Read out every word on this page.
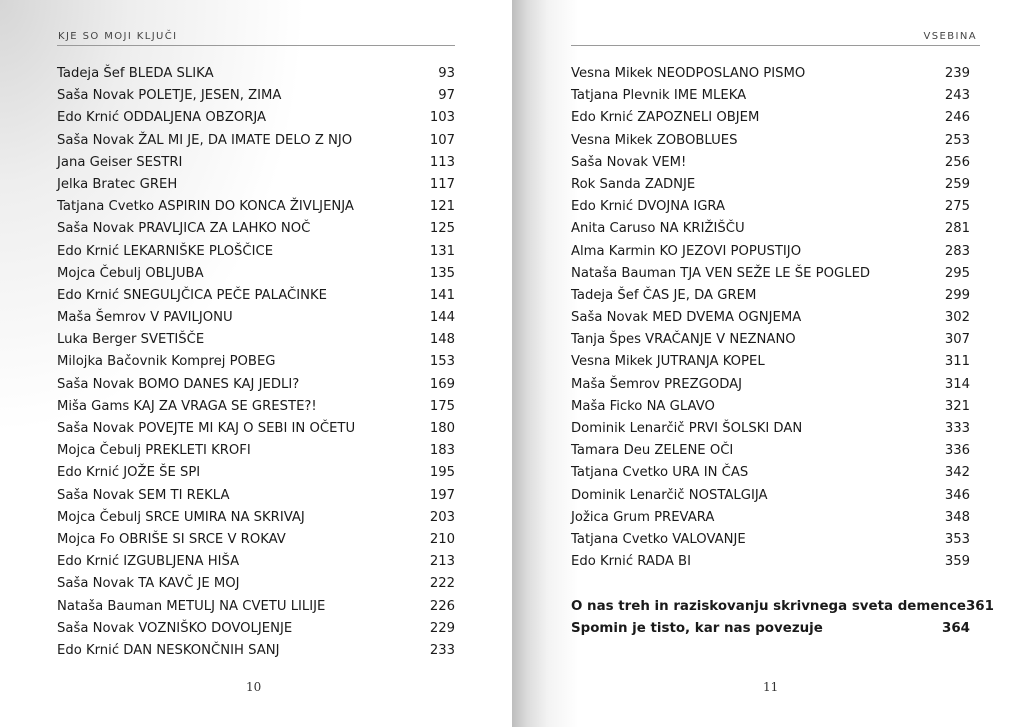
KJE SO MOJI KLJUČI
Tadeja Šef BLEDA SLIKA	93
Saša Novak POLETJE, JESEN, ZIMA	97
Edo Krnić ODDALJENA OBZORJA	103
Saša Novak ŽAL MI JE, DA IMATE DELO Z NJO	107
Jana Geiser SESTRI	113
Jelka Bratec GREH	117
Tatjana Cvetko ASPIRIN DO KONCA ŽIVLJENJA	121
Saša Novak PRAVLJICA ZA LAHKO NOČ	125
Edo Krnić LEKARNIŠKE PLOŠČICE	131
Mojca Čebulj OBLJUBA	135
Edo Krnić SNEGULJČICA PEČE PALAČINKE	141
Maša Šemrov V PAVILJONU	144
Luka Berger SVETIŠČE	148
Milojka Bačovnik Komprej POBEG	153
Saša Novak BOMO DANES KAJ JEDLI?	169
Miša Gams KAJ ZA VRAGA SE GRESTE?!	175
Saša Novak POVEJTE MI KAJ O SEBI IN OČETU	180
Mojca Čebulj PREKLETI KROFI	183
Edo Krnić JOŽE ŠE SPI	195
Saša Novak SEM TI REKLA	197
Mojca Čebulj SRCE UMIRA NA SKRIVAJ	203
Mojca Fo OBRIŠE SI SRCE V ROKAV	210
Edo Krnić IZGUBLJENA HIŠA	213
Saša Novak TA KAVČ JE MOJ	222
Nataša Bauman METULJ NA CVETU LILIJE	226
Saša Novak VOZNIŠKO DOVOLJENJE	229
Edo Krnić DAN NESKONČNIH SANJ	233
10
VSEBINA
Vesna Mikek NEODPOSLANO PISMO	239
Tatjana Plevnik IME MLEKA	243
Edo Krnić ZAPOZNELI OBJEM	246
Vesna Mikek ZOBOBLUES	253
Saša Novak VEM!	256
Rok Sanda ZADNJE	259
Edo Krnić DVOJNA IGRA	275
Anita Caruso NA KRIŽIŠČU	281
Alma Karmin KO JEZOVI POPUSTIJO	283
Nataša Bauman TJA VEN SEŽE LE ŠE POGLED	295
Tadeja Šef ČAS JE, DA GREM	299
Saša Novak MED DVEMA OGNJEMA	302
Tanja Špes VRAČANJE V NEZNANO	307
Vesna Mikek JUTRANJA KOPEL	311
Maša Šemrov PREZGODAJ	314
Maša Ficko NA GLAVO	321
Dominik Lenarčič PRVI ŠOLSKI DAN	333
Tamara Deu ZELENE OČI	336
Tatjana Cvetko URA IN ČAS	342
Dominik Lenarčič NOSTALGIJA	346
Jožica Grum PREVARA	348
Tatjana Cvetko VALOVANJE	353
Edo Krnić RADA BI	359
O nas treh in raziskovanju skrivnega sveta demence 361
Spomin je tisto, kar nas povezuje	364
11
